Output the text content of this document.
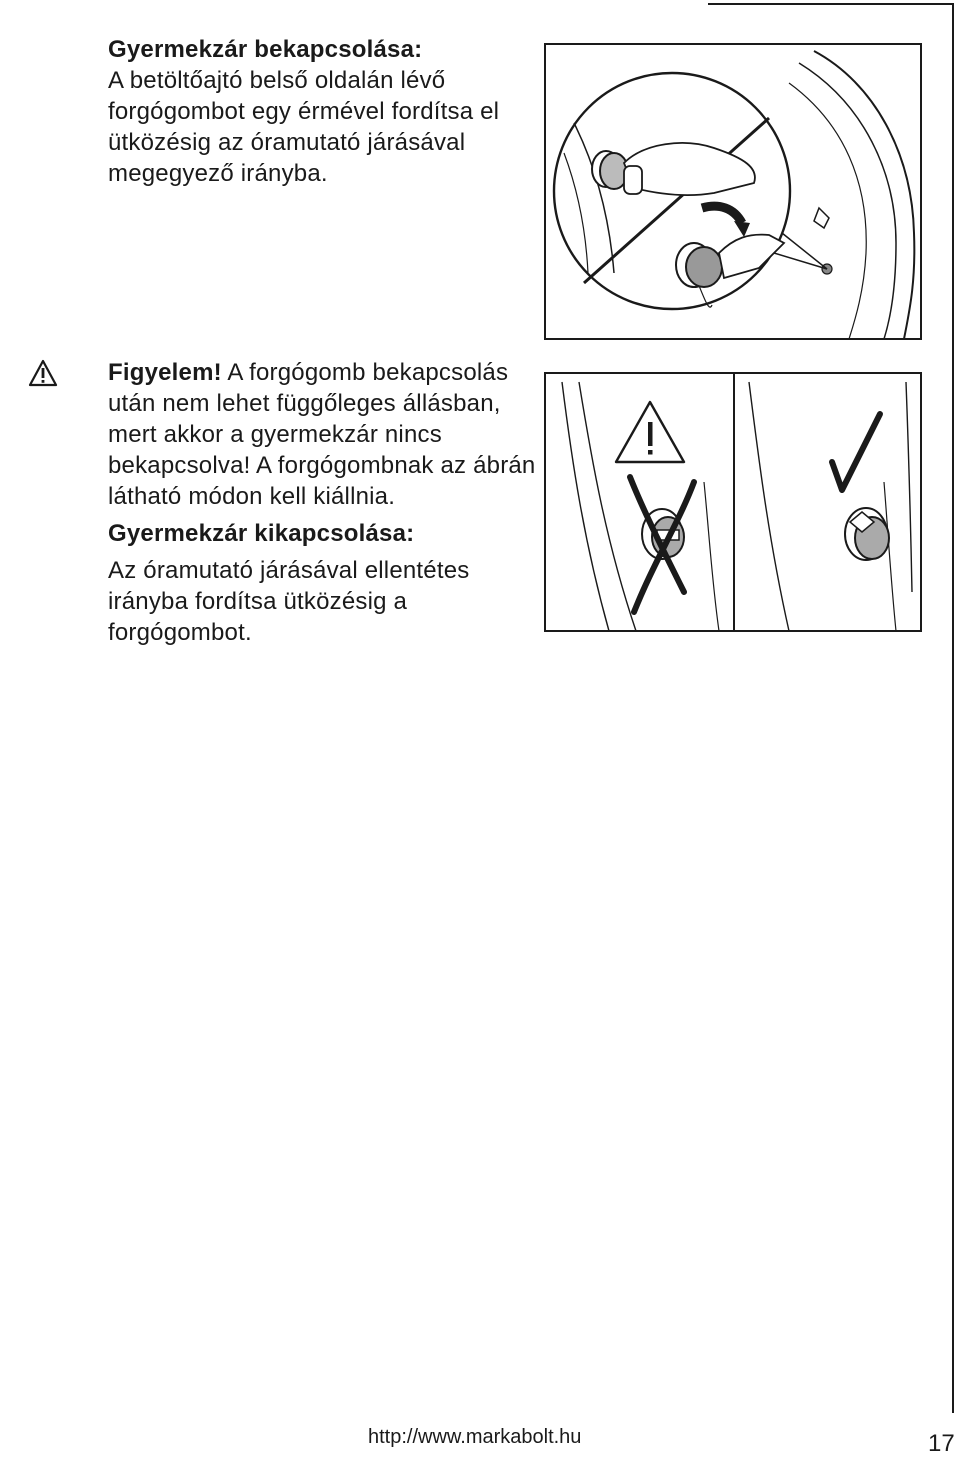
Gyermekzár bekapcsolása:

A betöltőajtó belső oldalán lévő forgógombot egy érmével fordítsa el ütközésig az óramutató járásával megegyező irányba.

Figyelem! A forgógomb bekapcsolás után nem lehet függőleges állásban, mert akkor a gyermekzár nincs bekapcsolva! A forgógombnak az ábrán látható módon kell kiállnia.

Gyermekzár kikapcsolása:

Az óramutató járásával ellentétes irányba fordítsa ütközésig a forgógombot.

http://www.markabolt.hu	17
